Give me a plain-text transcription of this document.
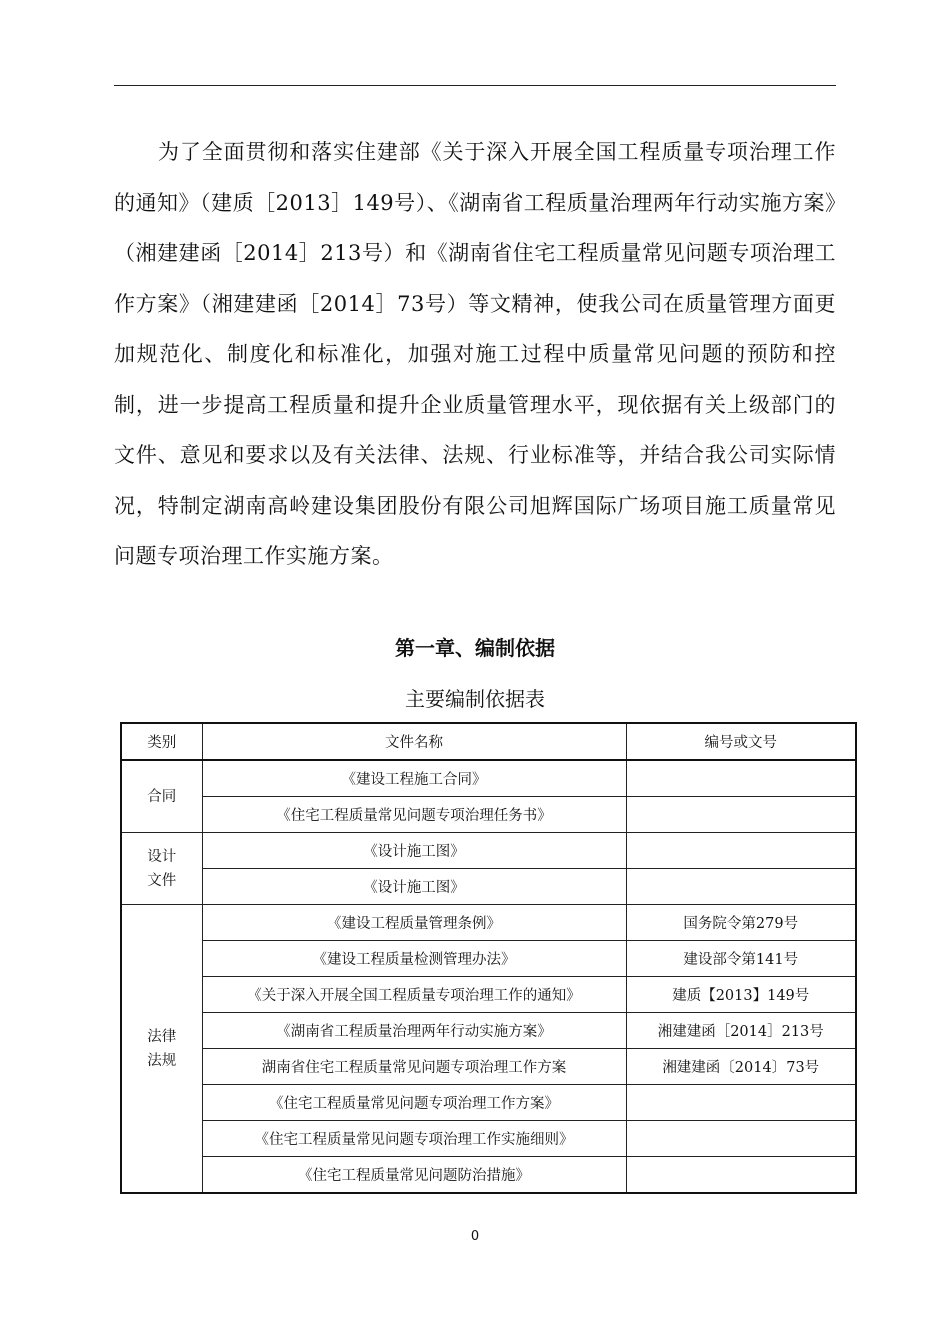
为了全面贯彻和落实住建部《关于深入开展全国工程质量专项治理工作的通知》（建质［2013］149号）、《湖南省工程质量治理两年行动实施方案》（湘建建函［2014］213号）和《湖南省住宅工程质量常见问题专项治理工作方案》（湘建建函［2014］73号）等文精神，使我公司在质量管理方面更加规范化、制度化和标准化，加强对施工过程中质量常见问题的预防和控制，进一步提高工程质量和提升企业质量管理水平，现依据有关上级部门的文件、意见和要求以及有关法律、法规、行业标准等，并结合我公司实际情况，特制定湖南高岭建设集团股份有限公司旭辉国际广场项目施工质量常见问题专项治理工作实施方案。

第一章、编制依据
主要编制依据表
类别	文件名称	编号或文号

合同	《建设工程施工合同》	
	《住宅工程质量常见问题专项治理任务书》	

设计
文件	《设计施工图》	
	《设计施工图》	

法律
法规	《建设工程质量管理条例》	国务院令第279号
	《建设工程质量检测管理办法》	建设部令第141号
	《关于深入开展全国工程质量专项治理工作的通知》	建质【2013】149号
	《湖南省工程质量治理两年行动实施方案》	湘建建函［2014］213号
	湖南省住宅工程质量常见问题专项治理工作方案	湘建建函〔2014〕73号
	《住宅工程质量常见问题专项治理工作方案》	
	《住宅工程质量常见问题专项治理工作实施细则》	
	《住宅工程质量常见问题防治措施》	
0
